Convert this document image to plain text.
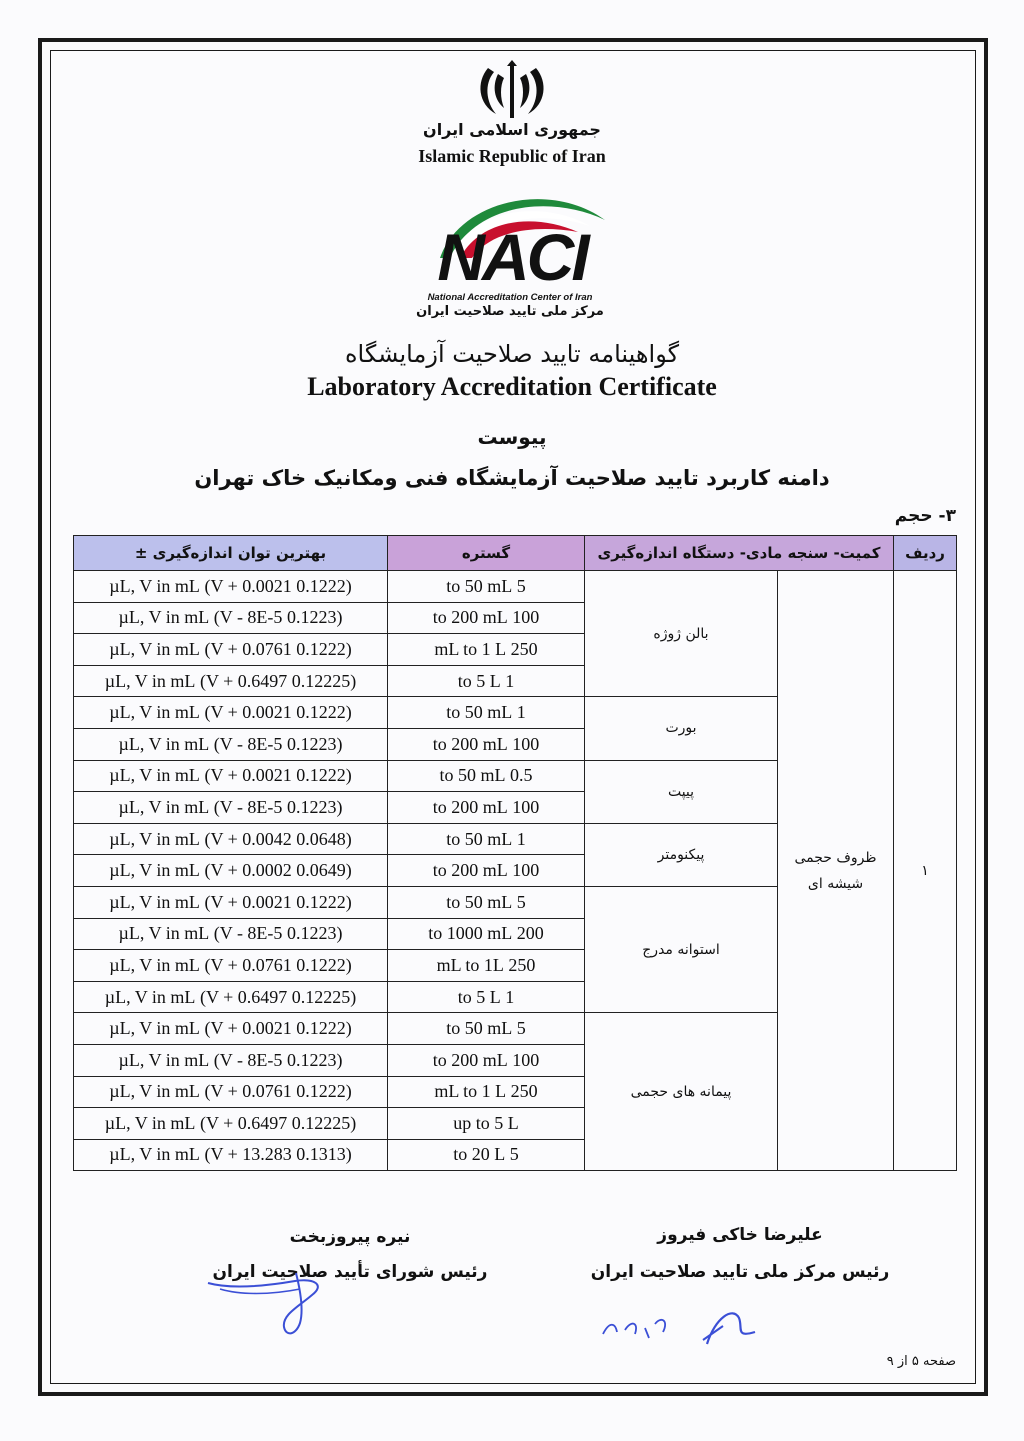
جمهوری اسلامی ایران
Islamic Republic of Iran
NACI
National Accreditation Center of Iran
مرکز ملی تایید صلاحیت ایران
گواهینامه تایید صلاحیت آزمایشگاه
Laboratory Accreditation Certificate
پیوست
دامنه کاربرد تایید صلاحیت آزمایشگاه فنی ومکانیک خاک تهران
۳- حجم
ردیف	کمیت- سنجه مادی- دستگاه اندازه‌گیری		گستره	بهترین توان اندازه‌گیری ±
۱	ظروف حجمی شیشه ای	بالن ژوژه	5 to 50 mL	(0.1222 V + 0.0021) µL, V in mL
			100 to 200 mL	(0.1223 V - 8E-5) µL, V in mL
			250 mL to 1 L	(0.1222 V + 0.0761) µL, V in mL
			1 to 5 L	(0.12225 V + 0.6497) µL, V in mL
		بورت	1 to 50 mL	(0.1222 V + 0.0021) µL, V in mL
			100 to 200 mL	(0.1223 V - 8E-5) µL, V in mL
		پیپت	0.5 to 50 mL	(0.1222 V + 0.0021) µL, V in mL
			100 to 200 mL	(0.1223 V - 8E-5) µL, V in mL
		پیکنومتر	1 to 50 mL	(0.0648 V + 0.0042) µL, V in mL
			100 to 200 mL	(0.0649 V + 0.0002) µL, V in mL
		استوانه مدرج	5 to 50 mL	(0.1222 V + 0.0021) µL, V in mL
			200 to 1000 mL	(0.1223 V - 8E-5) µL, V in mL
			250 mL to 1L	(0.1222 V + 0.0761) µL, V in mL
			1 to 5 L	(0.12225 V + 0.6497) µL, V in mL
		پیمانه های حجمی	5 to 50 mL	(0.1222 V + 0.0021) µL, V in mL
			100 to 200 mL	(0.1223 V - 8E-5) µL, V in mL
			250 mL to 1 L	(0.1222 V + 0.0761) µL, V in mL
			up to 5 L	(0.12225 V + 0.6497) µL, V in mL
			5 to 20 L	(0.1313 V + 13.283) µL, V in mL
علیرضا خاکی فیروز
رئیس مرکز ملی تایید صلاحیت ایران
نیره پیروزبخت
رئیس شورای تأیید صلاحیت ایران
صفحه ۵ از ۹
